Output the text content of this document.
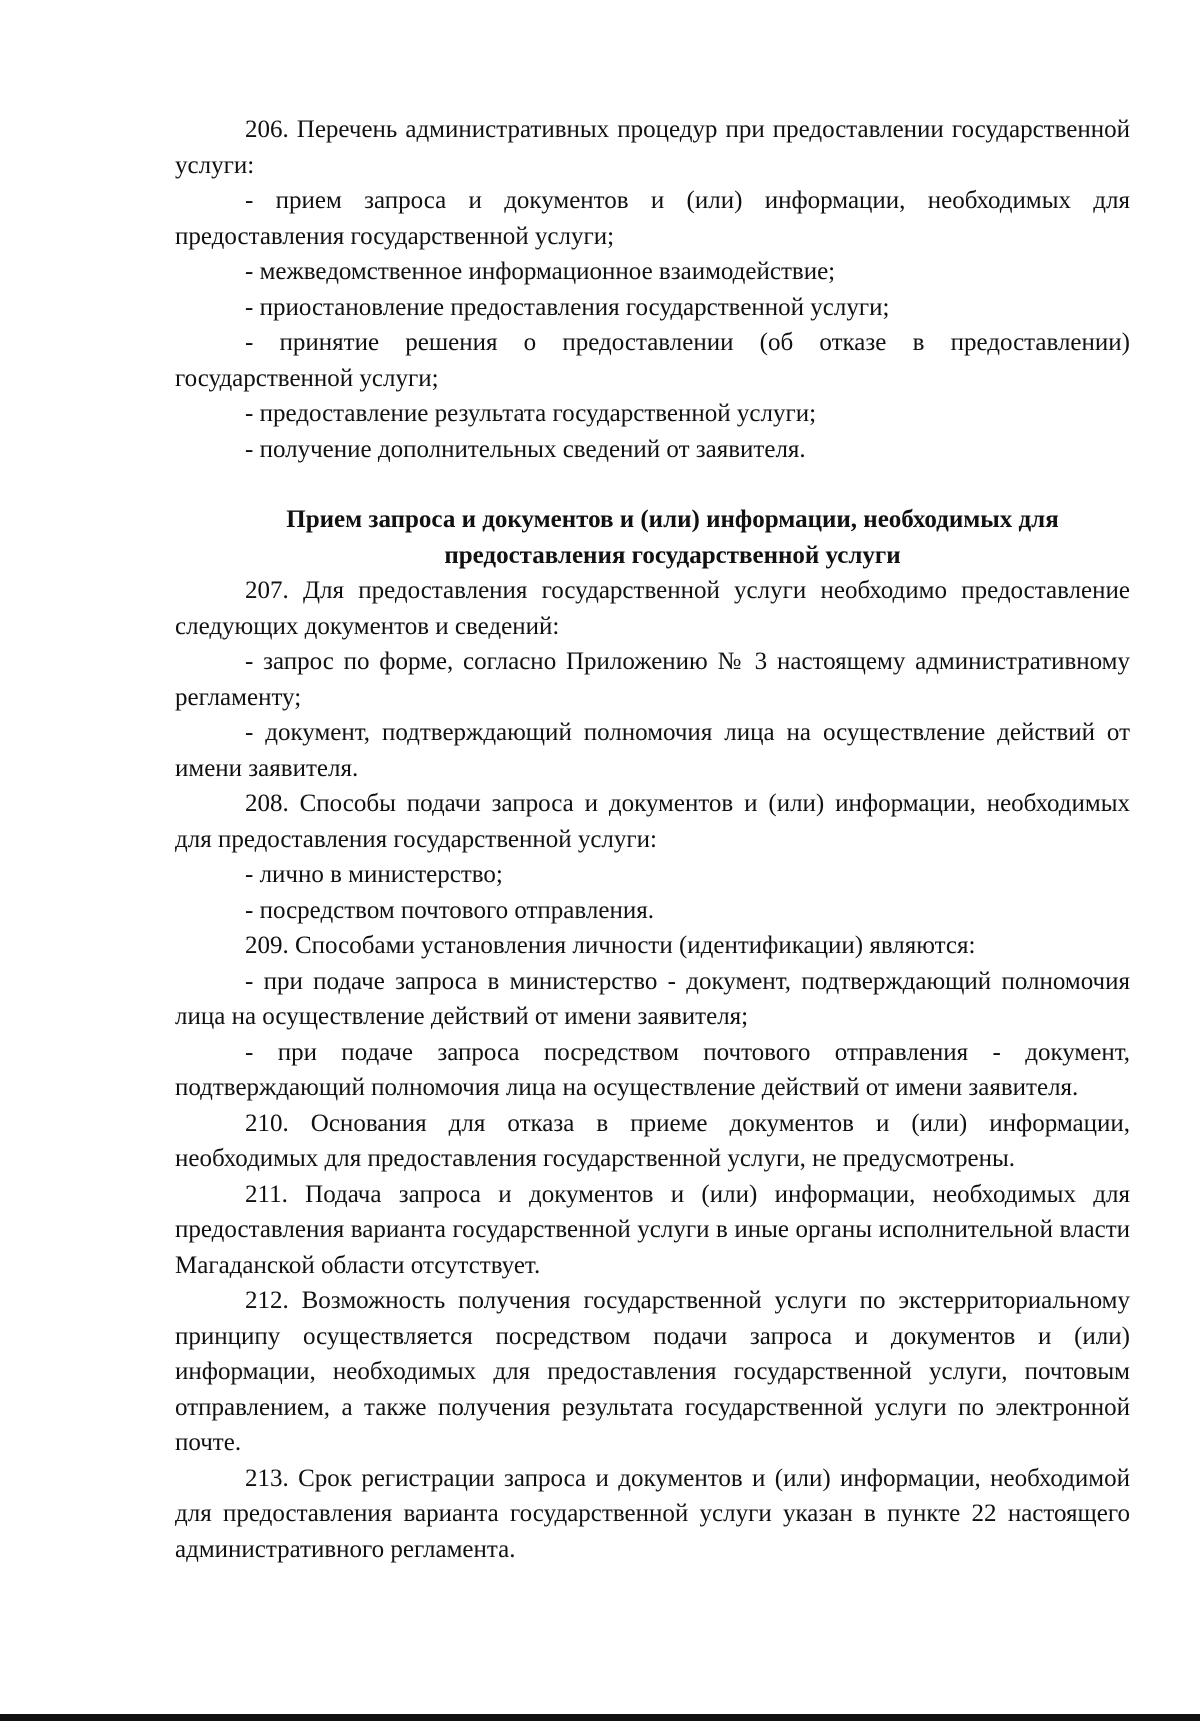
206. Перечень административных процедур при предоставлении государственной услуги:

- прием запроса и документов и (или) информации, необходимых для предоставления государственной услуги;

- межведомственное информационное взаимодействие;

- приостановление предоставления государственной услуги;

- принятие решения о предоставлении (об отказе в предоставлении) государственной услуги;

- предоставление результата государственной услуги;

- получение дополнительных сведений от заявителя.

Прием запроса и документов и (или) информации, необходимых для предоставления государственной услуги

207. Для предоставления государственной услуги необходимо предоставление следующих документов и сведений:

- запрос по форме, согласно Приложению № 3 настоящему административному регламенту;

- документ, подтверждающий полномочия лица на осуществление действий от имени заявителя.

208. Способы подачи запроса и документов и (или) информации, необходимых для предоставления государственной услуги:

- лично в министерство;

- посредством почтового отправления.

209. Способами установления личности (идентификации) являются:

- при подаче запроса в министерство - документ, подтверждающий полномочия лица на осуществление действий от имени заявителя;

- при подаче запроса посредством почтового отправления - документ, подтверждающий полномочия лица на осуществление действий от имени заявителя.

210. Основания для отказа в приеме документов и (или) информации, необходимых для предоставления государственной услуги, не предусмотрены.

211. Подача запроса и документов и (или) информации, необходимых для предоставления варианта государственной услуги в иные органы исполнительной власти Магаданской области отсутствует.

212. Возможность получения государственной услуги по экстерриториальному принципу осуществляется посредством подачи запроса и документов и (или) информации, необходимых для предоставления государственной услуги, почтовым отправлением, а также получения результата государственной услуги по электронной почте.

213. Срок регистрации запроса и документов и (или) информации, необходимой для предоставления варианта государственной услуги указан в пункте 22 настоящего административного регламента.
